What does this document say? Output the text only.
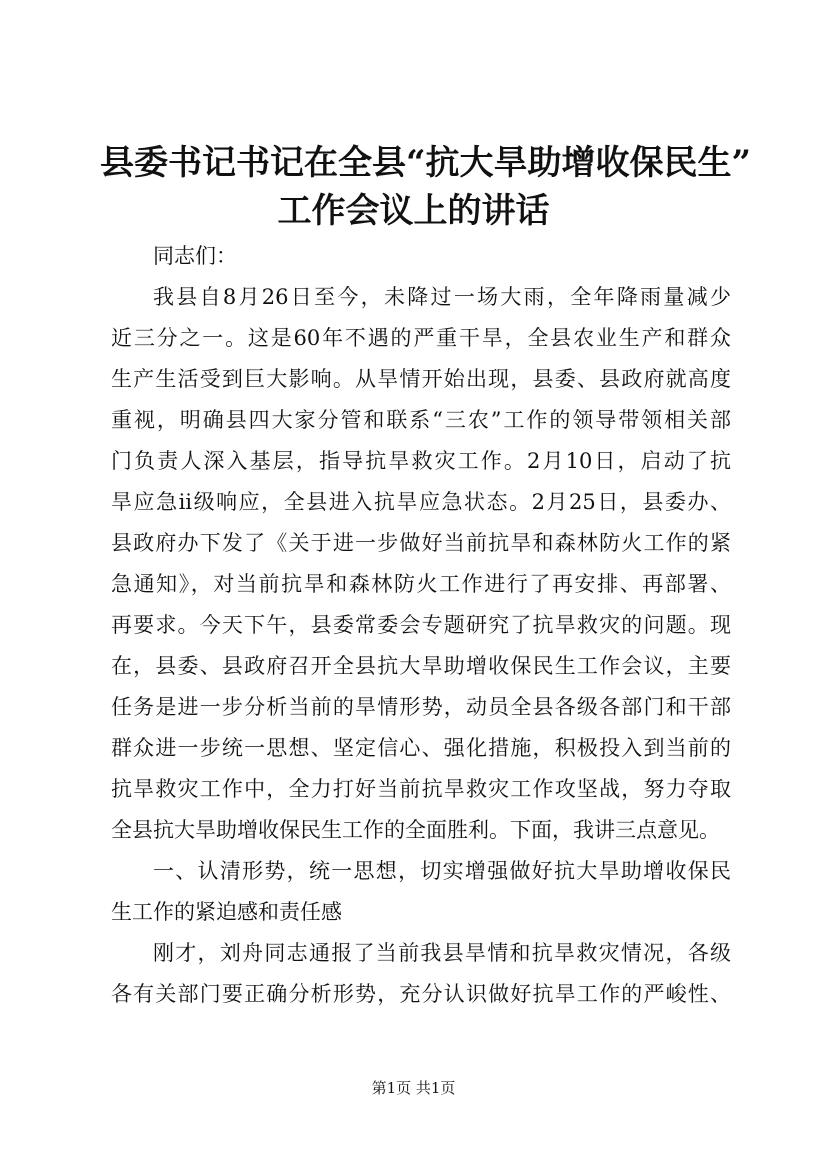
县委书记书记在全县“抗大旱助增收保民生”
工作会议上的讲话
同志们：
我县自8月26日至今，未降过一场大雨，全年降雨量减少
近三分之一。这是60年不遇的严重干旱，全县农业生产和群众
生产生活受到巨大影响。从旱情开始出现，县委、县政府就高度
重视，明确县四大家分管和联系“三农”工作的领导带领相关部
门负责人深入基层，指导抗旱救灾工作。2月10日，启动了抗
旱应急ⅱ级响应，全县进入抗旱应急状态。2月25日，县委办、
县政府办下发了《关于进一步做好当前抗旱和森林防火工作的紧
急通知》，对当前抗旱和森林防火工作进行了再安排、再部署、
再要求。今天下午，县委常委会专题研究了抗旱救灾的问题。现
在，县委、县政府召开全县抗大旱助增收保民生工作会议，主要
任务是进一步分析当前的旱情形势，动员全县各级各部门和干部
群众进一步统一思想、坚定信心、强化措施，积极投入到当前的
抗旱救灾工作中，全力打好当前抗旱救灾工作攻坚战，努力夺取
全县抗大旱助增收保民生工作的全面胜利。下面，我讲三点意见。
一、认清形势，统一思想，切实增强做好抗大旱助增收保民
生工作的紧迫感和责任感
刚才，刘舟同志通报了当前我县旱情和抗旱救灾情况，各级
各有关部门要正确分析形势，充分认识做好抗旱工作的严峻性、
第1页 共1页
